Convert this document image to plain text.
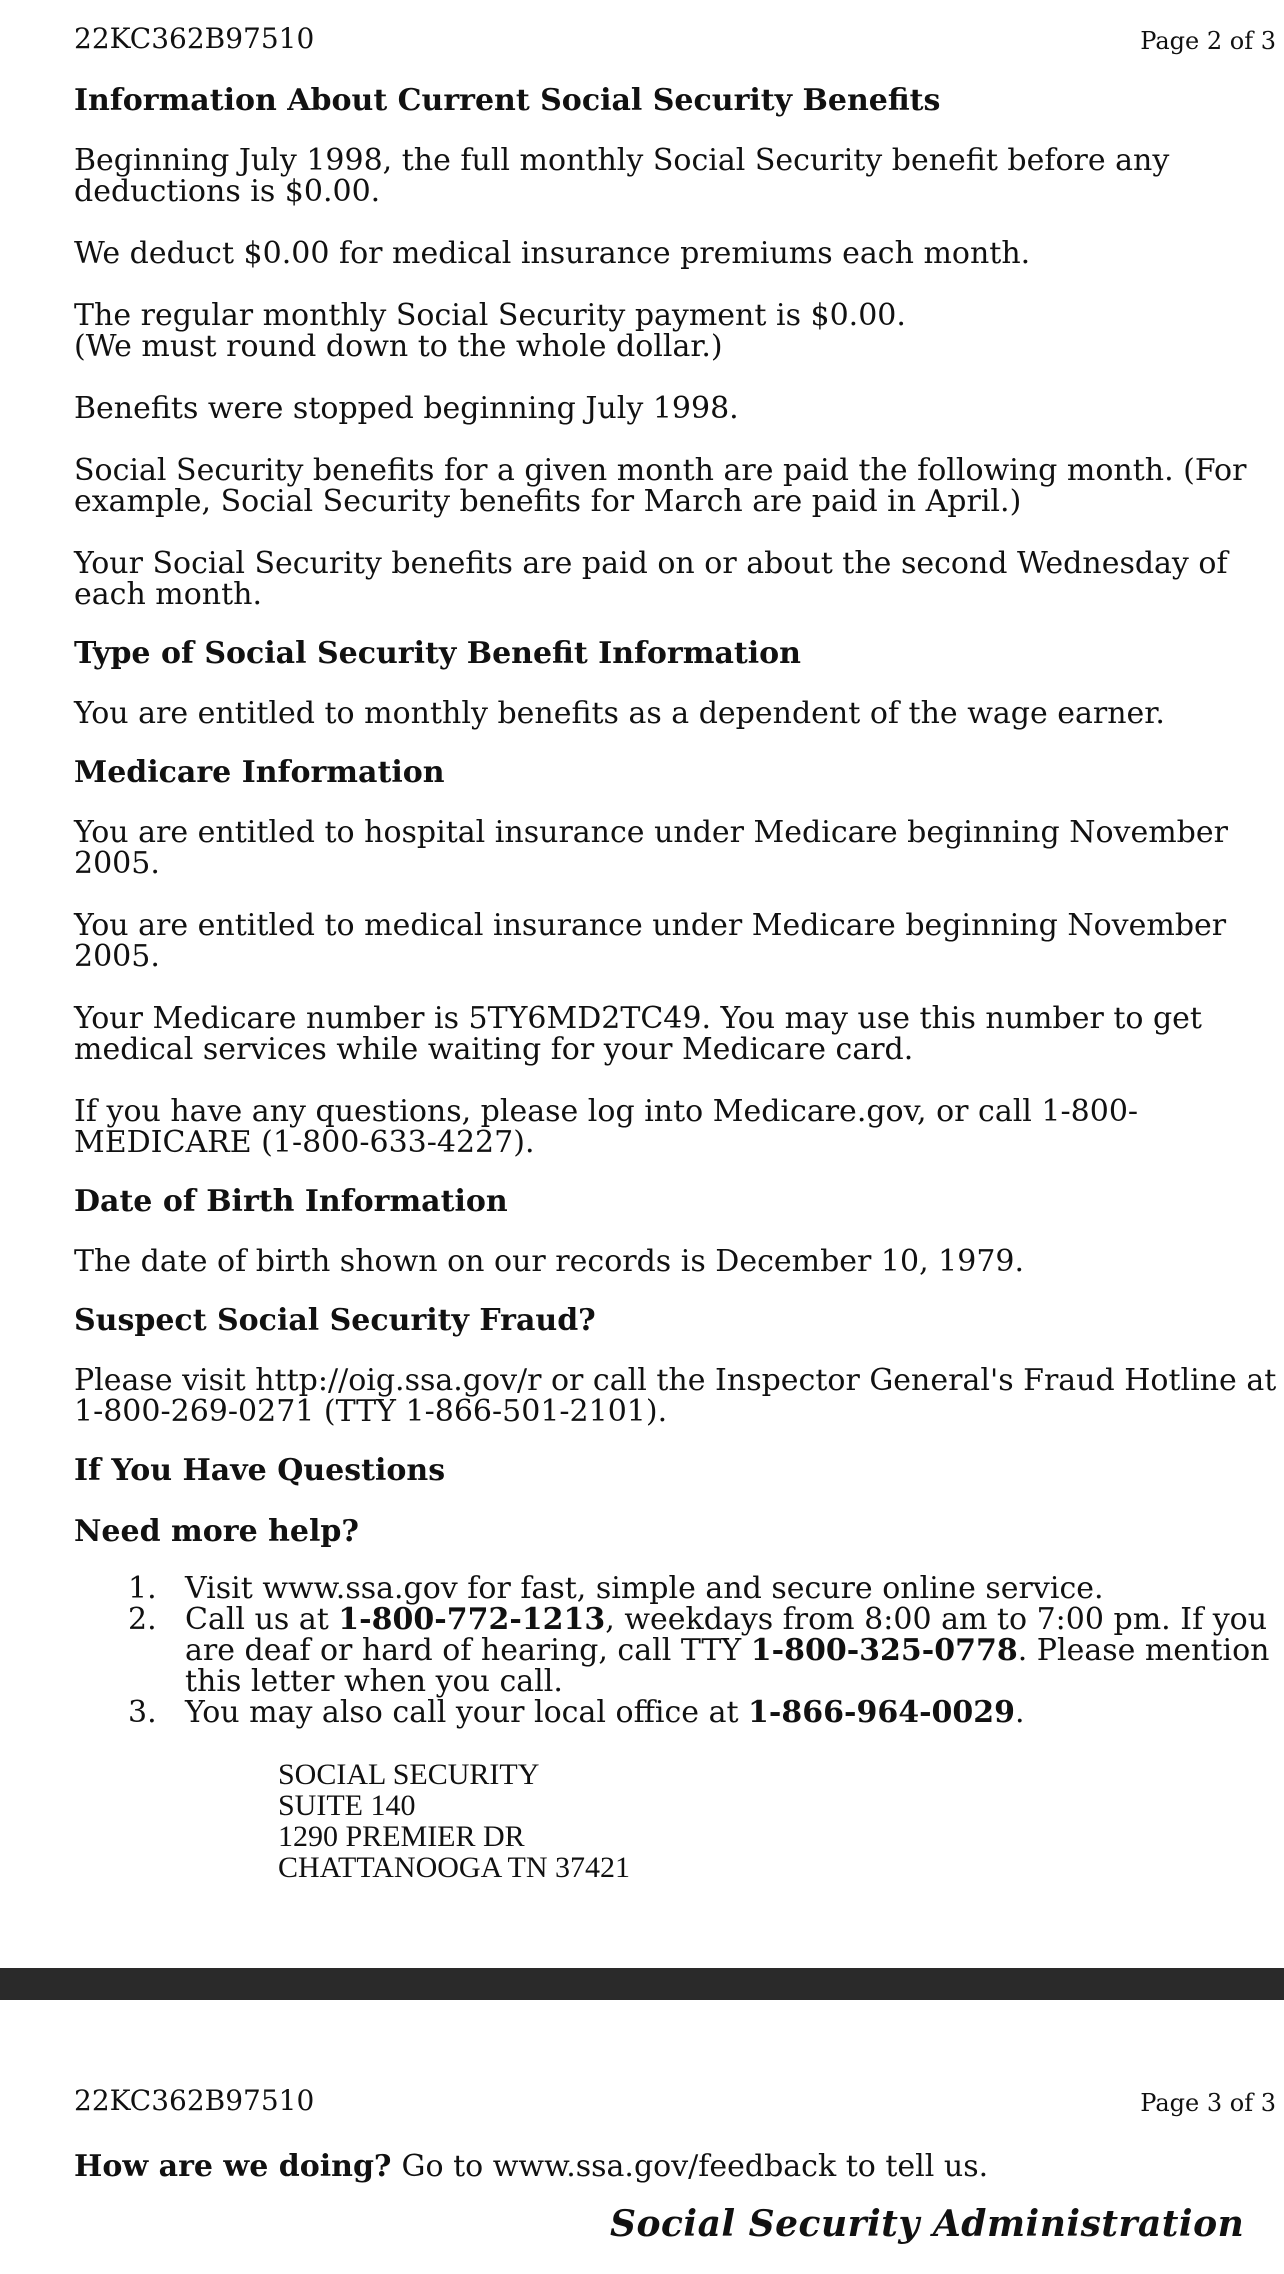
22KC362B97510	Page 2 of 3
Information About Current Social Security Benefits
Beginning July 1998, the full monthly Social Security benefit before any deductions is $0.00.
We deduct $0.00 for medical insurance premiums each month.
The regular monthly Social Security payment is $0.00.
(We must round down to the whole dollar.)
Benefits were stopped beginning July 1998.
Social Security benefits for a given month are paid the following month. (For example, Social Security benefits for March are paid in April.)
Your Social Security benefits are paid on or about the second Wednesday of each month.
Type of Social Security Benefit Information
You are entitled to monthly benefits as a dependent of the wage earner.
Medicare Information
You are entitled to hospital insurance under Medicare beginning November 2005.
You are entitled to medical insurance under Medicare beginning November 2005.
Your Medicare number is 5TY6MD2TC49. You may use this number to get medical services while waiting for your Medicare card.
If you have any questions, please log into Medicare.gov, or call 1-800-MEDICARE (1-800-633-4227).
Date of Birth Information
The date of birth shown on our records is December 10, 1979.
Suspect Social Security Fraud?
Please visit http://oig.ssa.gov/r or call the Inspector General's Fraud Hotline at 1-800-269-0271 (TTY 1-866-501-2101).
If You Have Questions
Need more help?
1. Visit www.ssa.gov for fast, simple and secure online service.
2. Call us at 1-800-772-1213, weekdays from 8:00 am to 7:00 pm. If you are deaf or hard of hearing, call TTY 1-800-325-0778. Please mention this letter when you call.
3. You may also call your local office at 1-866-964-0029.
SOCIAL SECURITY
SUITE 140
1290 PREMIER DR
CHATTANOOGA TN 37421
22KC362B97510	Page 3 of 3
How are we doing? Go to www.ssa.gov/feedback to tell us.
Social Security Administration
